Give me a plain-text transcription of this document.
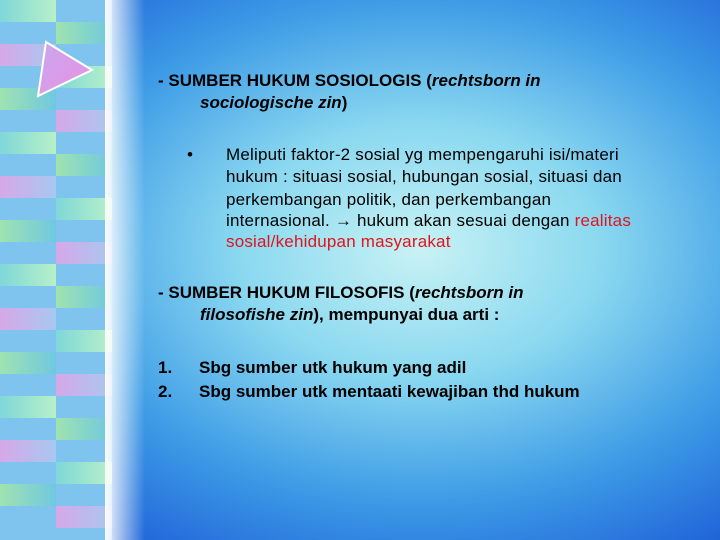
- SUMBER HUKUM SOSIOLOGIS (rechtsborn in
sociologische zin)
• Meliputi faktor-2 sosial yg mempengaruhi isi/materi
hukum : situasi sosial, hubungan sosial, situasi dan
perkembangan politik, dan perkembangan
internasional. → hukum akan sesuai dengan realitas
sosial/kehidupan masyarakat
- SUMBER HUKUM FILOSOFIS (rechtsborn in
filosofishe zin), mempunyai dua arti :
1. Sbg sumber utk hukum yang adil
2. Sbg sumber utk mentaati kewajiban thd hukum
